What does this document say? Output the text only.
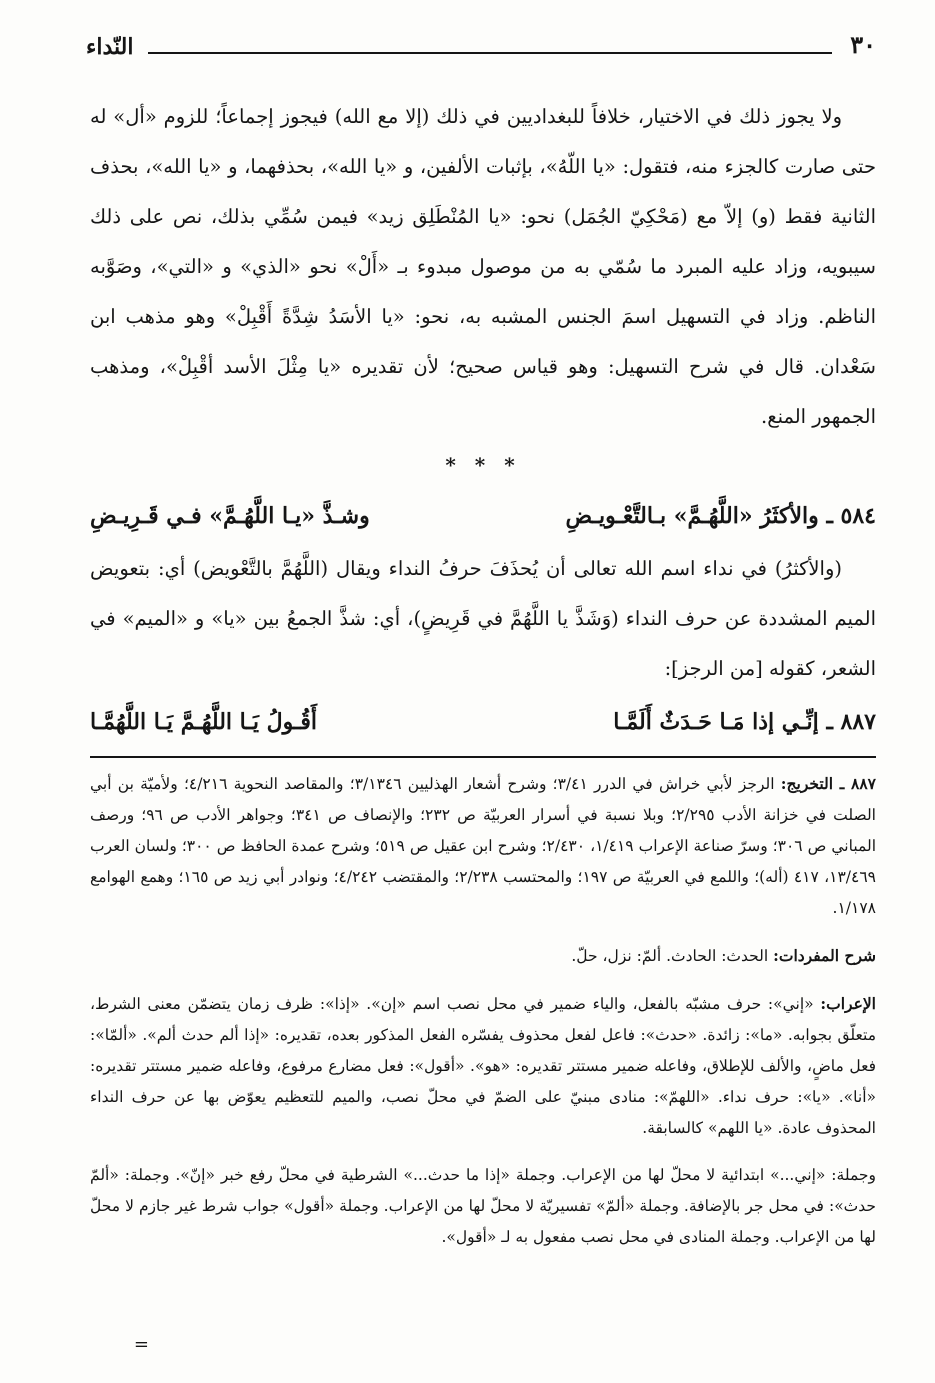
٣٠
النّداء

ولا يجوز ذلك في الاختيار، خلافاً للبغداديين في ذلك (إلا مع الله) فيجوز إجماعاً؛ للزوم «أل» له حتى صارت كالجزء منه، فتقول: «يا اللّهُ»، بإثبات الألفين، و «يا الله»، بحذفهما، و «يا الله»، بحذف الثانية فقط (و) إلاّ مع (مَحْكِيّ الجُمَل) نحو: «يا المُنْطَلِق زيد» فيمن سُمِّي بذلك، نص على ذلك سيبويه، وزاد عليه المبرد ما سُمّي به من موصول مبدوء بـ «أَلْ» نحو «الذي» و «التي»، وصَوَّبه الناظم. وزاد في التسهيل اسمَ الجنس المشبه به، نحو: «يا الأسَدُ شِدَّةً أَقْبِلْ» وهو مذهب ابن سَعْدان. قال في شرح التسهيل: وهو قياس صحيح؛ لأن تقديره «يا مِثْلَ الأسد أقْبِلْ»، ومذهب الجمهور المنع.

* * *
٥٨٤ ـ والأكثَرُ «اللَّهُـمَّ» بـالتَّعْـويـضِ
وشـذَّ «يـا اللَّهُـمَّ» فـي قَـرِيـضِ

(والأكثرُ) في نداء اسم الله تعالى أن يُحذَفَ حرفُ النداء ويقال (اللَّهُمَّ بالتَّعْويض) أي: بتعويض الميم المشددة عن حرف النداء (وَشَذَّ يا اللَّهُمَّ في قَرِيضٍ)، أي: شذَّ الجمعُ بين «يا» و «الميم» في الشعر، كقوله [من الرجز]:

٨٨٧ ـ إنِّـي إذا مَـا حَـدَثٌ أَلَمَّـا
أَقُـولُ يَـا اللَّهُـمَّ يَـا اللَّهُمَّـا

٨٨٧ ـ التخريج: الرجز لأبي خراش في الدرر ٣/٤١؛ وشرح أشعار الهذليين ٣/١٣٤٦؛ والمقاصد النحوية ٤/٢١٦؛ ولأميّة بن أبي الصلت في خزانة الأدب ٢/٢٩٥؛ وبلا نسبة في أسرار العربيّة ص ٢٣٢؛ والإنصاف ص ٣٤١؛ وجواهر الأدب ص ٩٦؛ ورصف المباني ص ٣٠٦؛ وسرّ صناعة الإعراب ١/٤١٩، ٢/٤٣٠؛ وشرح ابن عقيل ص ٥١٩؛ وشرح عمدة الحافظ ص ٣٠٠؛ ولسان العرب ١٣/٤٦٩، ٤١٧ (أله)؛ واللمع في العربيّة ص ١٩٧؛ والمحتسب ٢/٢٣٨؛ والمقتضب ٤/٢٤٢؛ ونوادر أبي زيد ص ١٦٥؛ وهمع الهوامع ١/١٧٨.

شرح المفردات: الحدث: الحادث. ألمّ: نزل، حلّ.

الإعراب: «إني»: حرف مشبّه بالفعل، والياء ضمير في محل نصب اسم «إن». «إذا»: ظرف زمان يتضمّن معنى الشرط، متعلّق بجوابه. «ما»: زائدة. «حدث»: فاعل لفعل محذوف يفسّره الفعل المذكور بعده، تقديره: «إذا ألم حدث ألم». «ألمّا»: فعل ماضٍ، والألف للإطلاق، وفاعله ضمير مستتر تقديره: «هو». «أقول»: فعل مضارع مرفوع، وفاعله ضمير مستتر تقديره: «أنا». «يا»: حرف نداء. «اللهمّ»: منادى مبنيّ على الضمّ في محلّ نصب، والميم للتعظيم يعوّض بها عن حرف النداء المحذوف عادة. «يا اللهم» كالسابقة.

وجملة: «إني...» ابتدائية لا محلّ لها من الإعراب. وجملة «إذا ما حدث...» الشرطية في محلّ رفع خبر «إنّ». وجملة: «ألمّ حدث»: في محل جر بالإضافة. وجملة «ألمّ» تفسيريّة لا محلّ لها من الإعراب. وجملة «أقول» جواب شرط غير جازم لا محلّ لها من الإعراب. وجملة المنادى في محل نصب مفعول به لـ «أقول».

=
